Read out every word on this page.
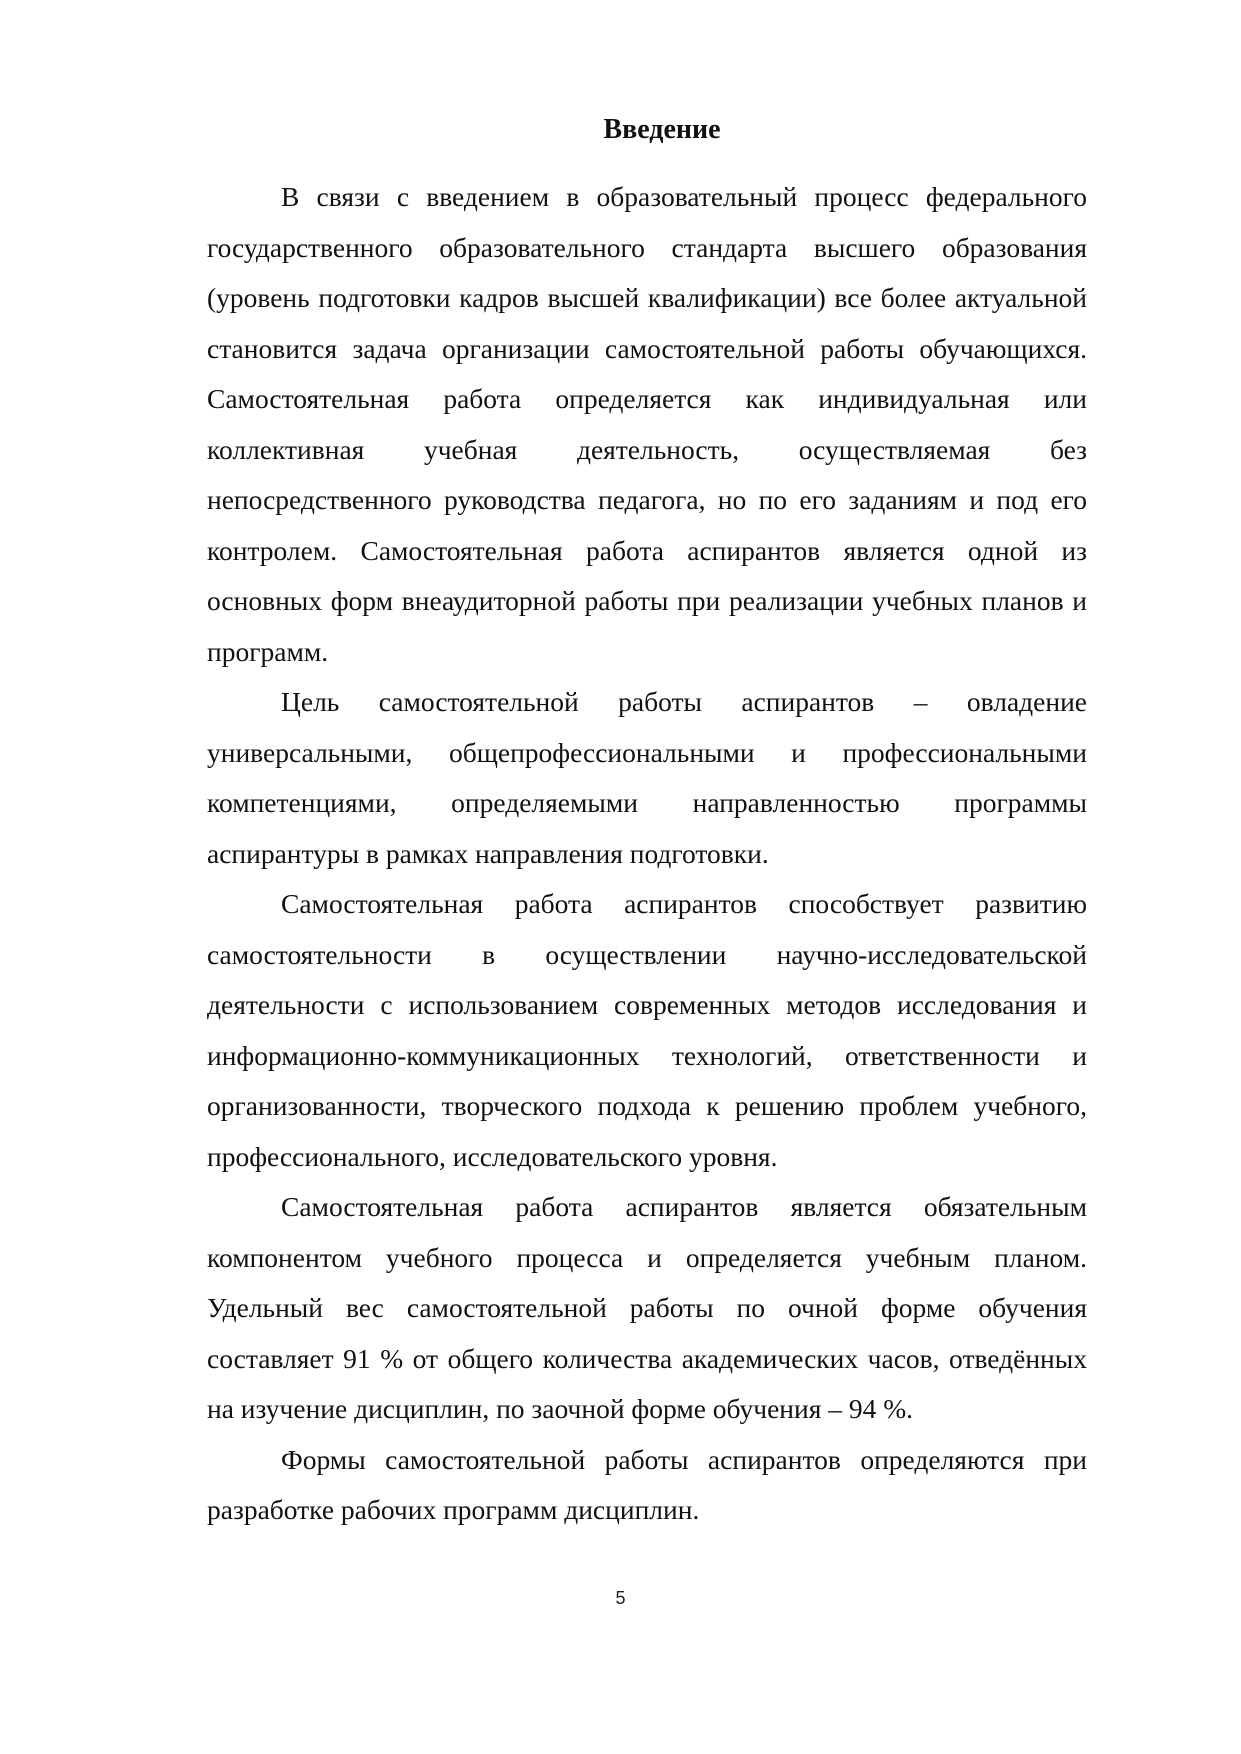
Введение

В связи с введением в образовательный процесс федерального государственного образовательного стандарта высшего образования (уровень подготовки кадров высшей квалификации) все более актуальной становится задача организации самостоятельной работы обучающихся. Самостоятельная работа определяется как индивидуальная или коллективная учебная деятельность, осуществляемая без непосредственного руководства педагога, но по его заданиям и под его контролем. Самостоятельная работа аспирантов является одной из основных форм внеаудиторной работы при реализации учебных планов и программ.

Цель самостоятельной работы аспирантов – овладение универсальными, общепрофессиональными и профессиональными компетенциями, определяемыми направленностью программы аспирантуры в рамках направления подготовки.

Самостоятельная работа аспирантов способствует развитию самостоятельности в осуществлении научно-исследовательской деятельности с использованием современных методов исследования и информационно-коммуникационных технологий, ответственности и организованности, творческого подхода к решению проблем учебного, профессионального, исследовательского уровня.

Самостоятельная работа аспирантов является обязательным компонентом учебного процесса и определяется учебным планом. Удельный вес самостоятельной работы по очной форме обучения составляет 91 % от общего количества академических часов, отведённых на изучение дисциплин, по заочной форме обучения – 94 %.

Формы самостоятельной работы аспирантов определяются при разработке рабочих программ дисциплин.

5
